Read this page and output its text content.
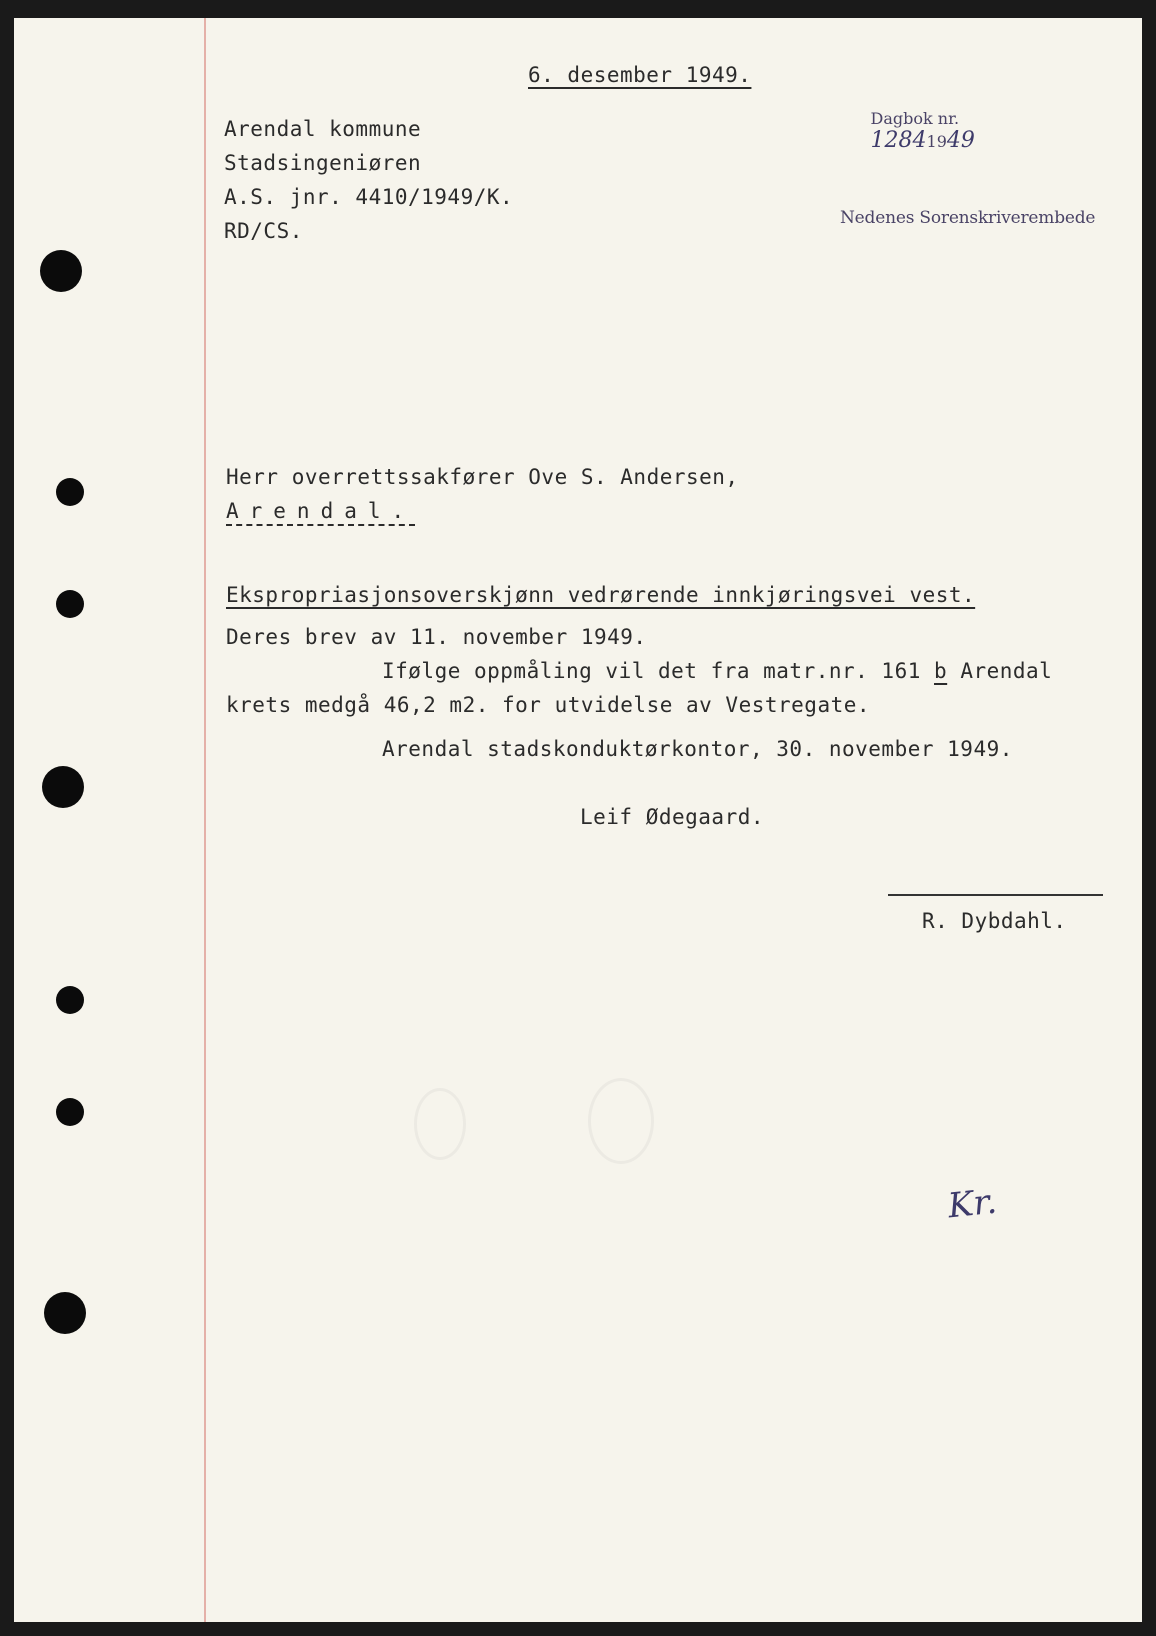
6. desember 1949.

Dagbok nr.
12841949

Nedenes Sorenskriverembede

Arendal kommune
Stadsingeniøren
A.S. jnr. 4410/1949/K.
RD/CS.
Herr overrettssakfører Ove S. Andersen,
Arendal.
Ekspropriasjonsoverskjønn vedrørende innkjøringsvei vest.
Deres brev av 11. november 1949.
Ifølge oppmåling vil det fra matr.nr. 161 b Arendal
krets medgå 46,2 m2. for utvidelse av Vestregate.
Arendal stadskonduktørkontor, 30. november 1949.
Leif Ødegaard.
R. Dybdahl.
Kr.
